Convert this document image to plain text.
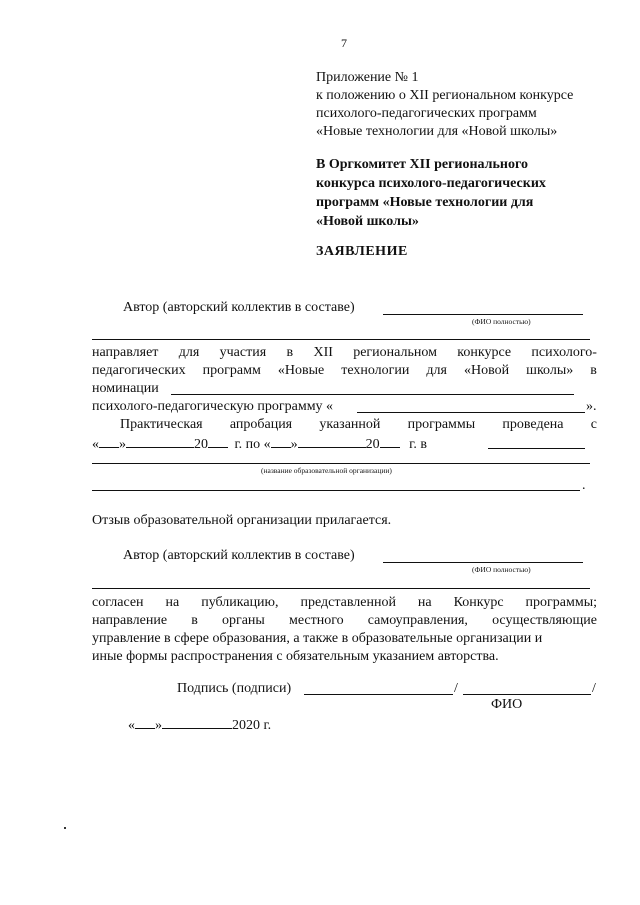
7
Приложение № 1
к положению о XII региональном конкурсе
психолого-педагогических программ
«Новые технологии для «Новой школы»
В Оргкомитет XII регионального
конкурса психолого-педагогических
программ «Новые технологии для
«Новой школы»
ЗАЯВЛЕНИЕ
Автор (авторский коллектив в составе)
(ФИО полностью)
направляет для участия в XII региональном конкурсе психолого-
педагогических программ «Новые технологии для «Новой школы» в
номинации
психолого-педагогическую программу «	».
Практическая апробация указанной программы проведена с
« »	20 г. по « »	20 г. в
(название образовательной организации)
.
Отзыв образовательной организации прилагается.
Автор (авторский коллектив в составе)
(ФИО полностью)
согласен на публикацию, представленной на Конкурс программы;
направление в органы местного самоуправления, осуществляющие
управление в сфере образования, а также в образовательные организации и
иные формы распространения с обязательным указанием авторства.
Подпись (подписи)	/	/
ФИО
« »	2020 г.
